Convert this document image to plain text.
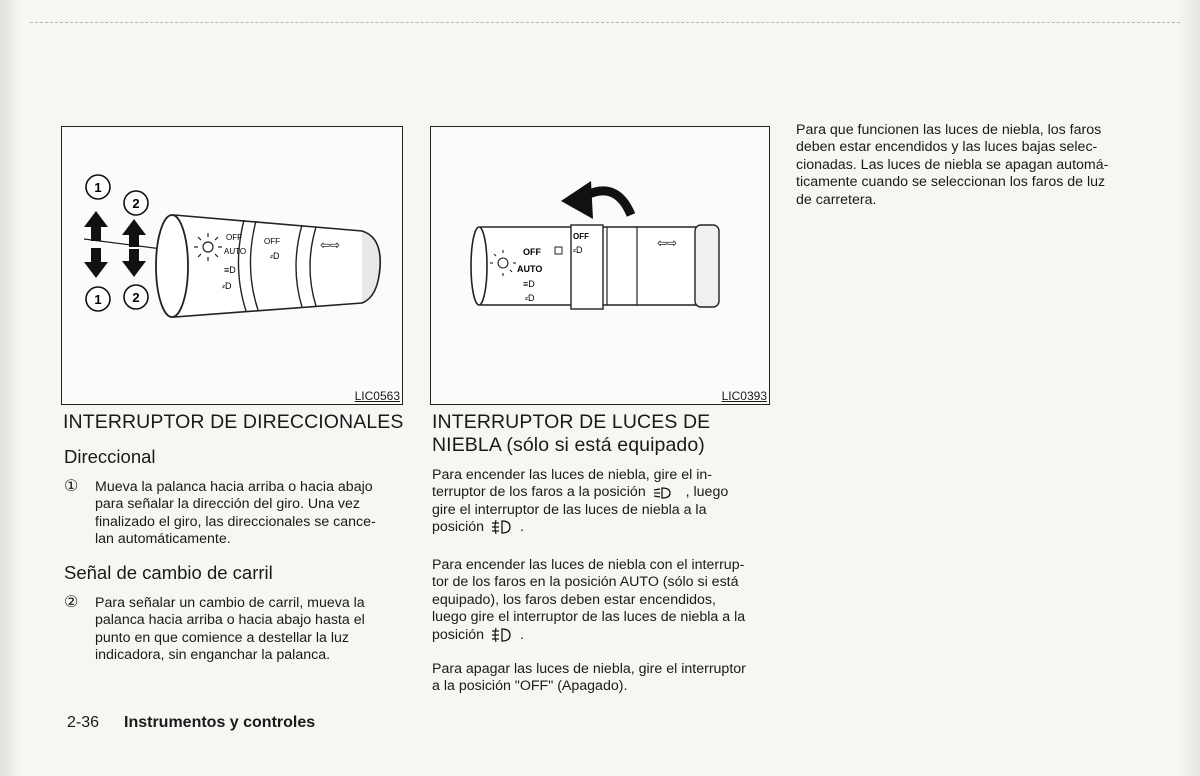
1
2
1 2
OFF
AUTO
OFF
≡D
⸗D
⸗D
⇦⇨
LIC0563
OFF
AUTO
OFF
≡D
⸗D
⸗D	⇦⇨
LIC0393
INTERRUPTOR DE DIRECCIONALES
Direccional
① Mueva la palanca hacia arriba o hacia abajo
para señalar la dirección del giro. Una vez
finalizado el giro, las direccionales se cance-
lan automáticamente.
Señal de cambio de carril
② Para señalar un cambio de carril, mueva la
palanca hacia arriba o hacia abajo hasta el
punto en que comience a destellar la luz
indicadora, sin enganchar la palanca.
INTERRUPTOR DE LUCES DE
NIEBLA (sólo si está equipado)
Para encender las luces de niebla, gire el in-
terruptor de los faros a la posición	, luego
gire el interruptor de las luces de niebla a la
posición	.
Para encender las luces de niebla con el interrup-
tor de los faros en la posición AUTO (sólo si está
equipado), los faros deben estar encendidos,
luego gire el interruptor de las luces de niebla a la
posición	.
Para apagar las luces de niebla, gire el interruptor
a la posición "OFF" (Apagado).
Para que funcionen las luces de niebla, los faros
deben estar encendidos y las luces bajas selec-
cionadas. Las luces de niebla se apagan automá-
ticamente cuando se seleccionan los faros de luz
de carretera.
2-36 Instrumentos y controles
